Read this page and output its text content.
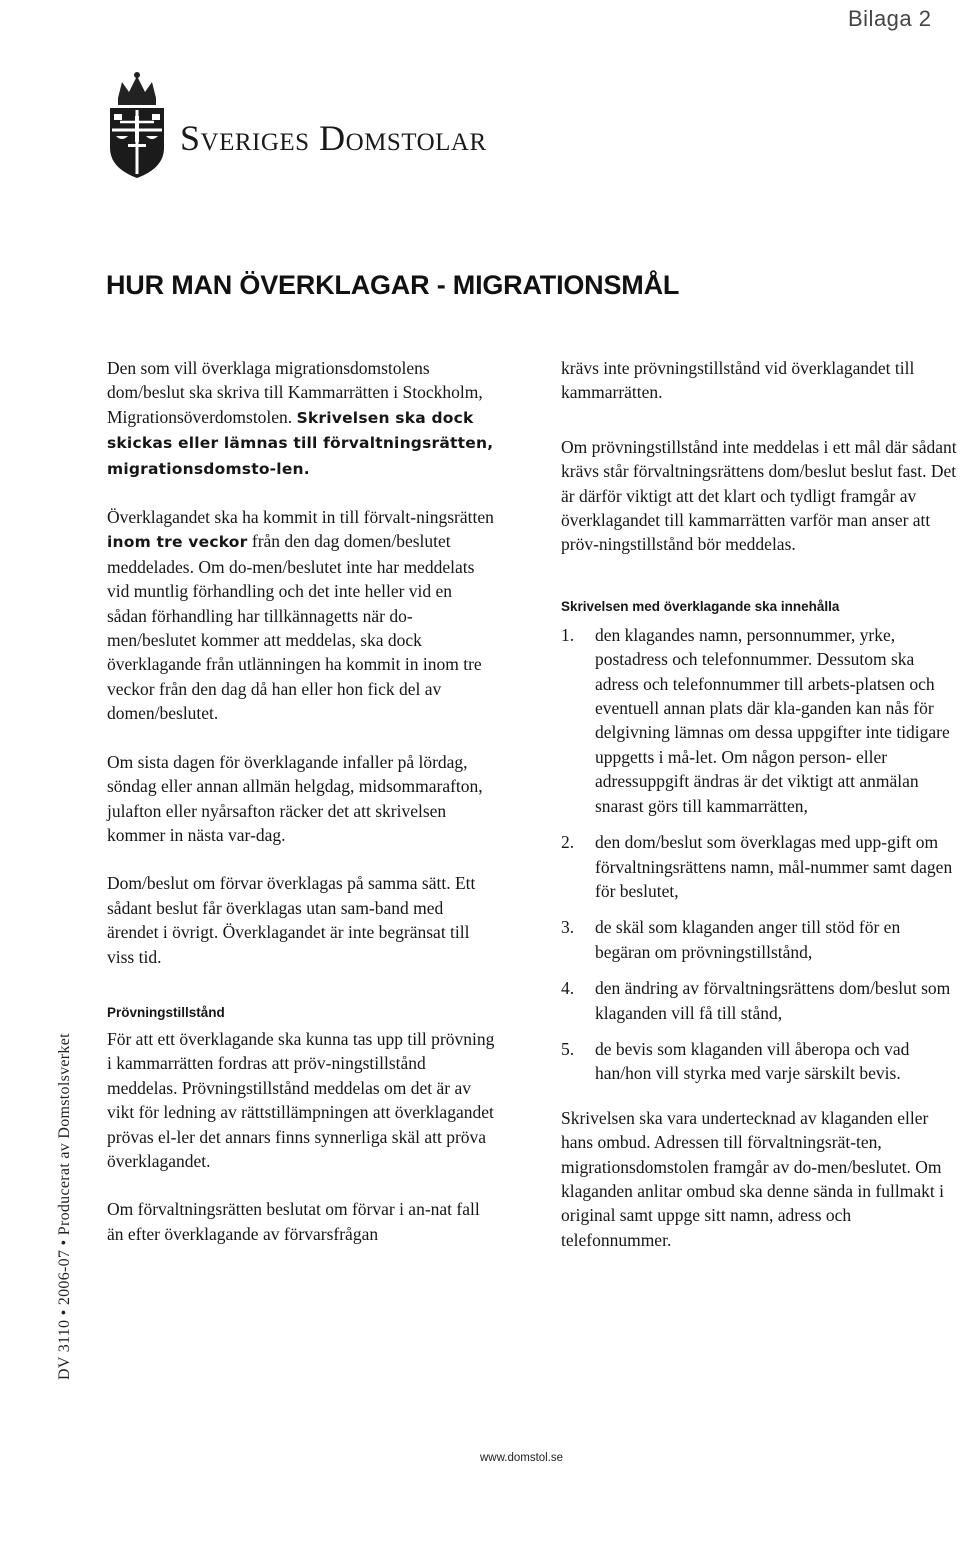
Bilaga 2
Sveriges Domstolar
HUR MAN ÖVERKLAGAR - MIGRATIONSMÅL

Den som vill överklaga migrationsdomstolens dom/beslut ska skriva till Kammarrätten i Stockholm, Migrationsöverdomstolen. Skrivelsen ska dock skickas eller lämnas till förvaltningsrätten, migrationsdomsto-len.

Överklagandet ska ha kommit in till förvalt-ningsrätten inom tre veckor från den dag domen/beslutet meddelades. Om do-men/beslutet inte har meddelats vid muntlig förhandling och det inte heller vid en sådan förhandling har tillkännagetts när do-men/beslutet kommer att meddelas, ska dock överklagande från utlänningen ha kommit in inom tre veckor från den dag då han eller hon fick del av domen/beslutet.

Om sista dagen för överklagande infaller på lördag, söndag eller annan allmän helgdag, midsommarafton, julafton eller nyårsafton räcker det att skrivelsen kommer in nästa var-dag.

Dom/beslut om förvar överklagas på samma sätt. Ett sådant beslut får överklagas utan sam-band med ärendet i övrigt. Överklagandet är inte begränsat till viss tid.

Prövningstillstånd

För att ett överklagande ska kunna tas upp till prövning i kammarrätten fordras att pröv-ningstillstånd meddelas. Prövningstillstånd meddelas om det är av vikt för ledning av rättstillämpningen att överklagandet prövas el-ler det annars finns synnerliga skäl att pröva överklagandet.

Om förvaltningsrätten beslutat om förvar i an-nat fall än efter överklagande av förvarsfrågan

krävs inte prövningstillstånd vid överklagandet till kammarrätten.

Om prövningstillstånd inte meddelas i ett mål där sådant krävs står förvaltningsrättens dom/beslut beslut fast. Det är därför viktigt att det klart och tydligt framgår av överklagandet till kammarrätten varför man anser att pröv-ningstillstånd bör meddelas.

Skrivelsen med överklagande ska innehålla

1.	den klagandes namn, personnummer, yrke, postadress och telefonnummer. Dessutom ska adress och telefonnummer till arbets-platsen och eventuell annan plats där kla-ganden kan nås för delgivning lämnas om dessa uppgifter inte tidigare uppgetts i må-let. Om någon person- eller adressuppgift ändras är det viktigt att anmälan snarast görs till kammarrätten,
2.	den dom/beslut som överklagas med upp-gift om förvaltningsrättens namn, mål-nummer samt dagen för beslutet,
3.	de skäl som klaganden anger till stöd för en begäran om prövningstillstånd,
4.	den ändring av förvaltningsrättens dom/beslut som klaganden vill få till stånd,
5.	de bevis som klaganden vill åberopa och vad han/hon vill styrka med varje särskilt bevis.

Skrivelsen ska vara undertecknad av klaganden eller hans ombud. Adressen till förvaltningsrät-ten, migrationsdomstolen framgår av do-men/beslutet. Om klaganden anlitar ombud ska denne sända in fullmakt i original samt uppge sitt namn, adress och telefonnummer.

DV 3110 • 2006-07 • Producerat av Domstolsverket
www.domstol.se
